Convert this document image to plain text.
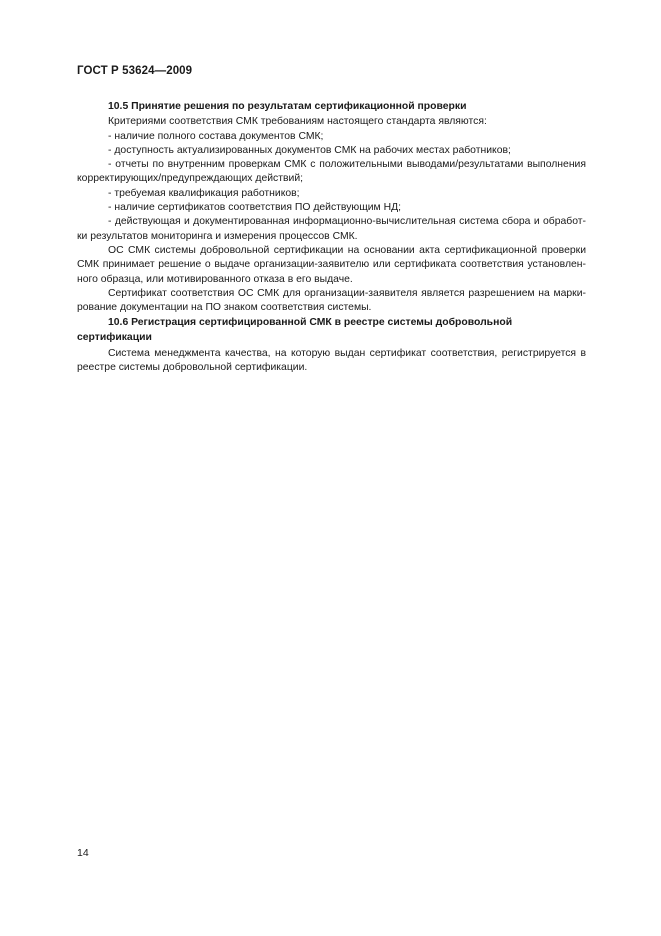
ГОСТ Р 53624—2009

10.5 Принятие решения по результатам сертификационной проверки

Критериями соответствия СМК требованиям настоящего стандарта являются:

- наличие полного состава документов СМК;

- доступность актуализированных документов СМК на рабочих местах работников;

- отчеты по внутренним проверкам СМК с положительными выводами/результатами выполнения корректирующих/предупреждающих действий;

- требуемая квалификация работников;

- наличие сертификатов соответствия ПО действующим НД;

- действующая и документированная информационно-вычислительная система сбора и обработ-ки результатов мониторинга и измерения процессов СМК.

ОС СМК системы добровольной сертификации на основании акта сертификационной проверки СМК принимает решение о выдаче организации-заявителю или сертификата соответствия установлен-ного образца, или мотивированного отказа в его выдаче.

Сертификат соответствия ОС СМК для организации-заявителя является разрешением на марки-рование документации на ПО знаком соответствия системы.

10.6 Регистрация сертифицированной СМК в реестре системы добровольной сертификации

Система менеджмента качества, на которую выдан сертификат соответствия, регистрируется в реестре системы добровольной сертификации.

14
